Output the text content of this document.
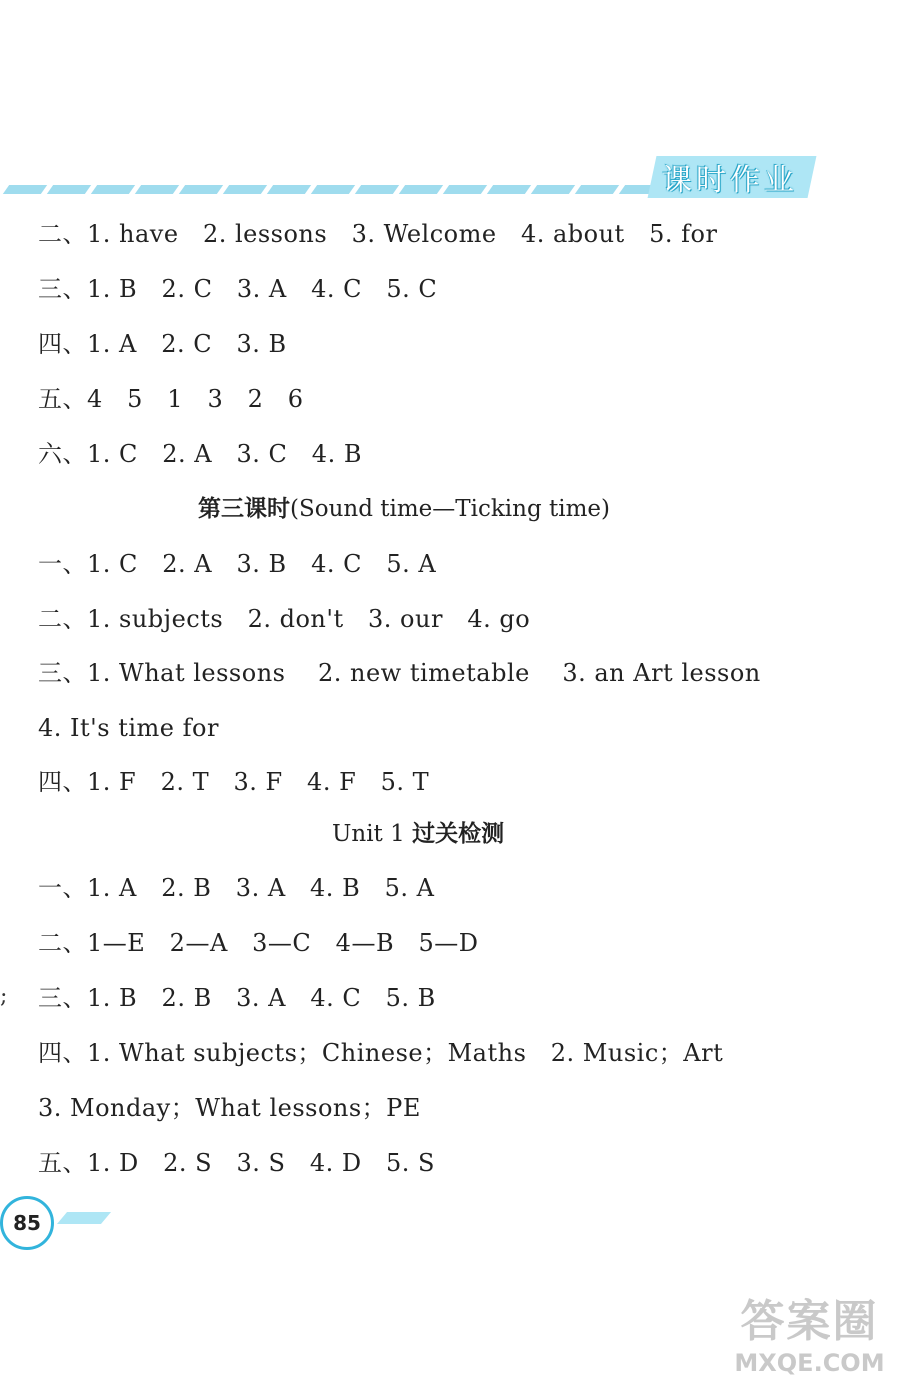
课时作业
二、1. have   2. lessons   3. Welcome   4. about   5. for
三、1. B   2. C   3. A   4. C   5. C
四、1. A   2. C   3. B
五、4   5   1   3   2   6
六、1. C   2. A   3. C   4. B
第三课时(Sound time—Ticking time)
一、1. C   2. A   3. B   4. C   5. A
二、1. subjects   2. don't   3. our   4. go
三、1. What lessons    2. new timetable    3. an Art lesson
4. It's time for
四、1. F   2. T   3. F   4. F   5. T
Unit 1 过关检测
一、1. A   2. B   3. A   4. B   5. A
二、1—E   2—A   3—C   4—B   5—D
三、1. B   2. B   3. A   4. C   5. B
四、1. What subjects；Chinese；Maths   2. Music；Art
3. Monday；What lessons；PE
五、1. D   2. S   3. S   4. D   5. S
;
85
答案圈
MXQE.COM
